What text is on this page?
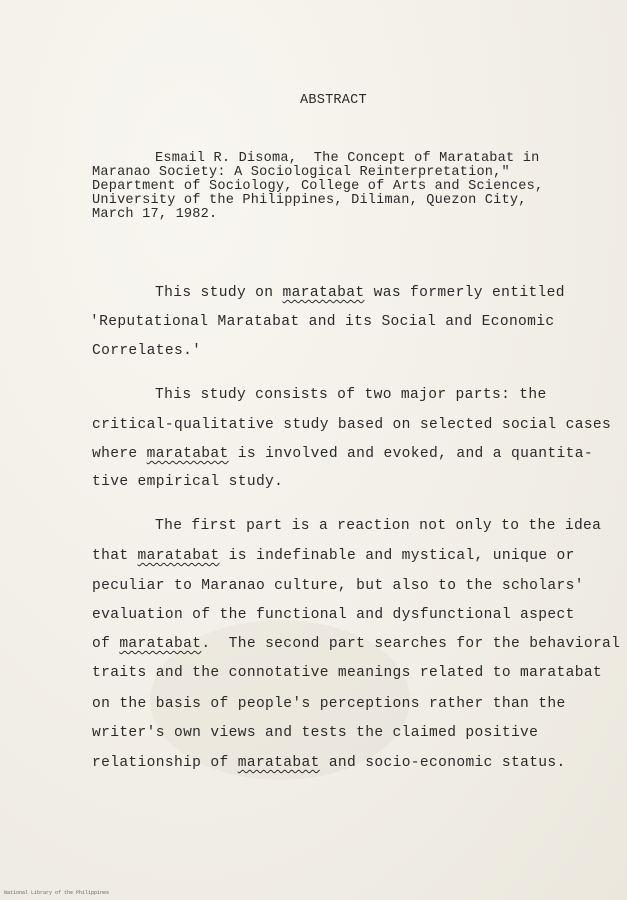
ABSTRACT
Esmail R. Disoma,  The Concept of Maratabat in
Maranao Society: A Sociological Reinterpretation,"
Department of Sociology, College of Arts and Sciences,
University of the Philippines, Diliman, Quezon City,
March 17, 1982.
This study on maratabat was formerly entitled
'Reputational Maratabat and its Social and Economic
Correlates.'
This study consists of two major parts: the
critical-qualitative study based on selected social cases
where maratabat is involved and evoked, and a quantita-
tive empirical study.
The first part is a reaction not only to the idea
that maratabat is indefinable and mystical, unique or
peculiar to Maranao culture, but also to the scholars'
evaluation of the functional and dysfunctional aspect
of maratabat.  The second part searches for the behavioral
traits and the connotative meanings related to maratabat
on the basis of people's perceptions rather than the
writer's own views and tests the claimed positive
relationship of maratabat and socio-economic status.
National Library of the Philippines
